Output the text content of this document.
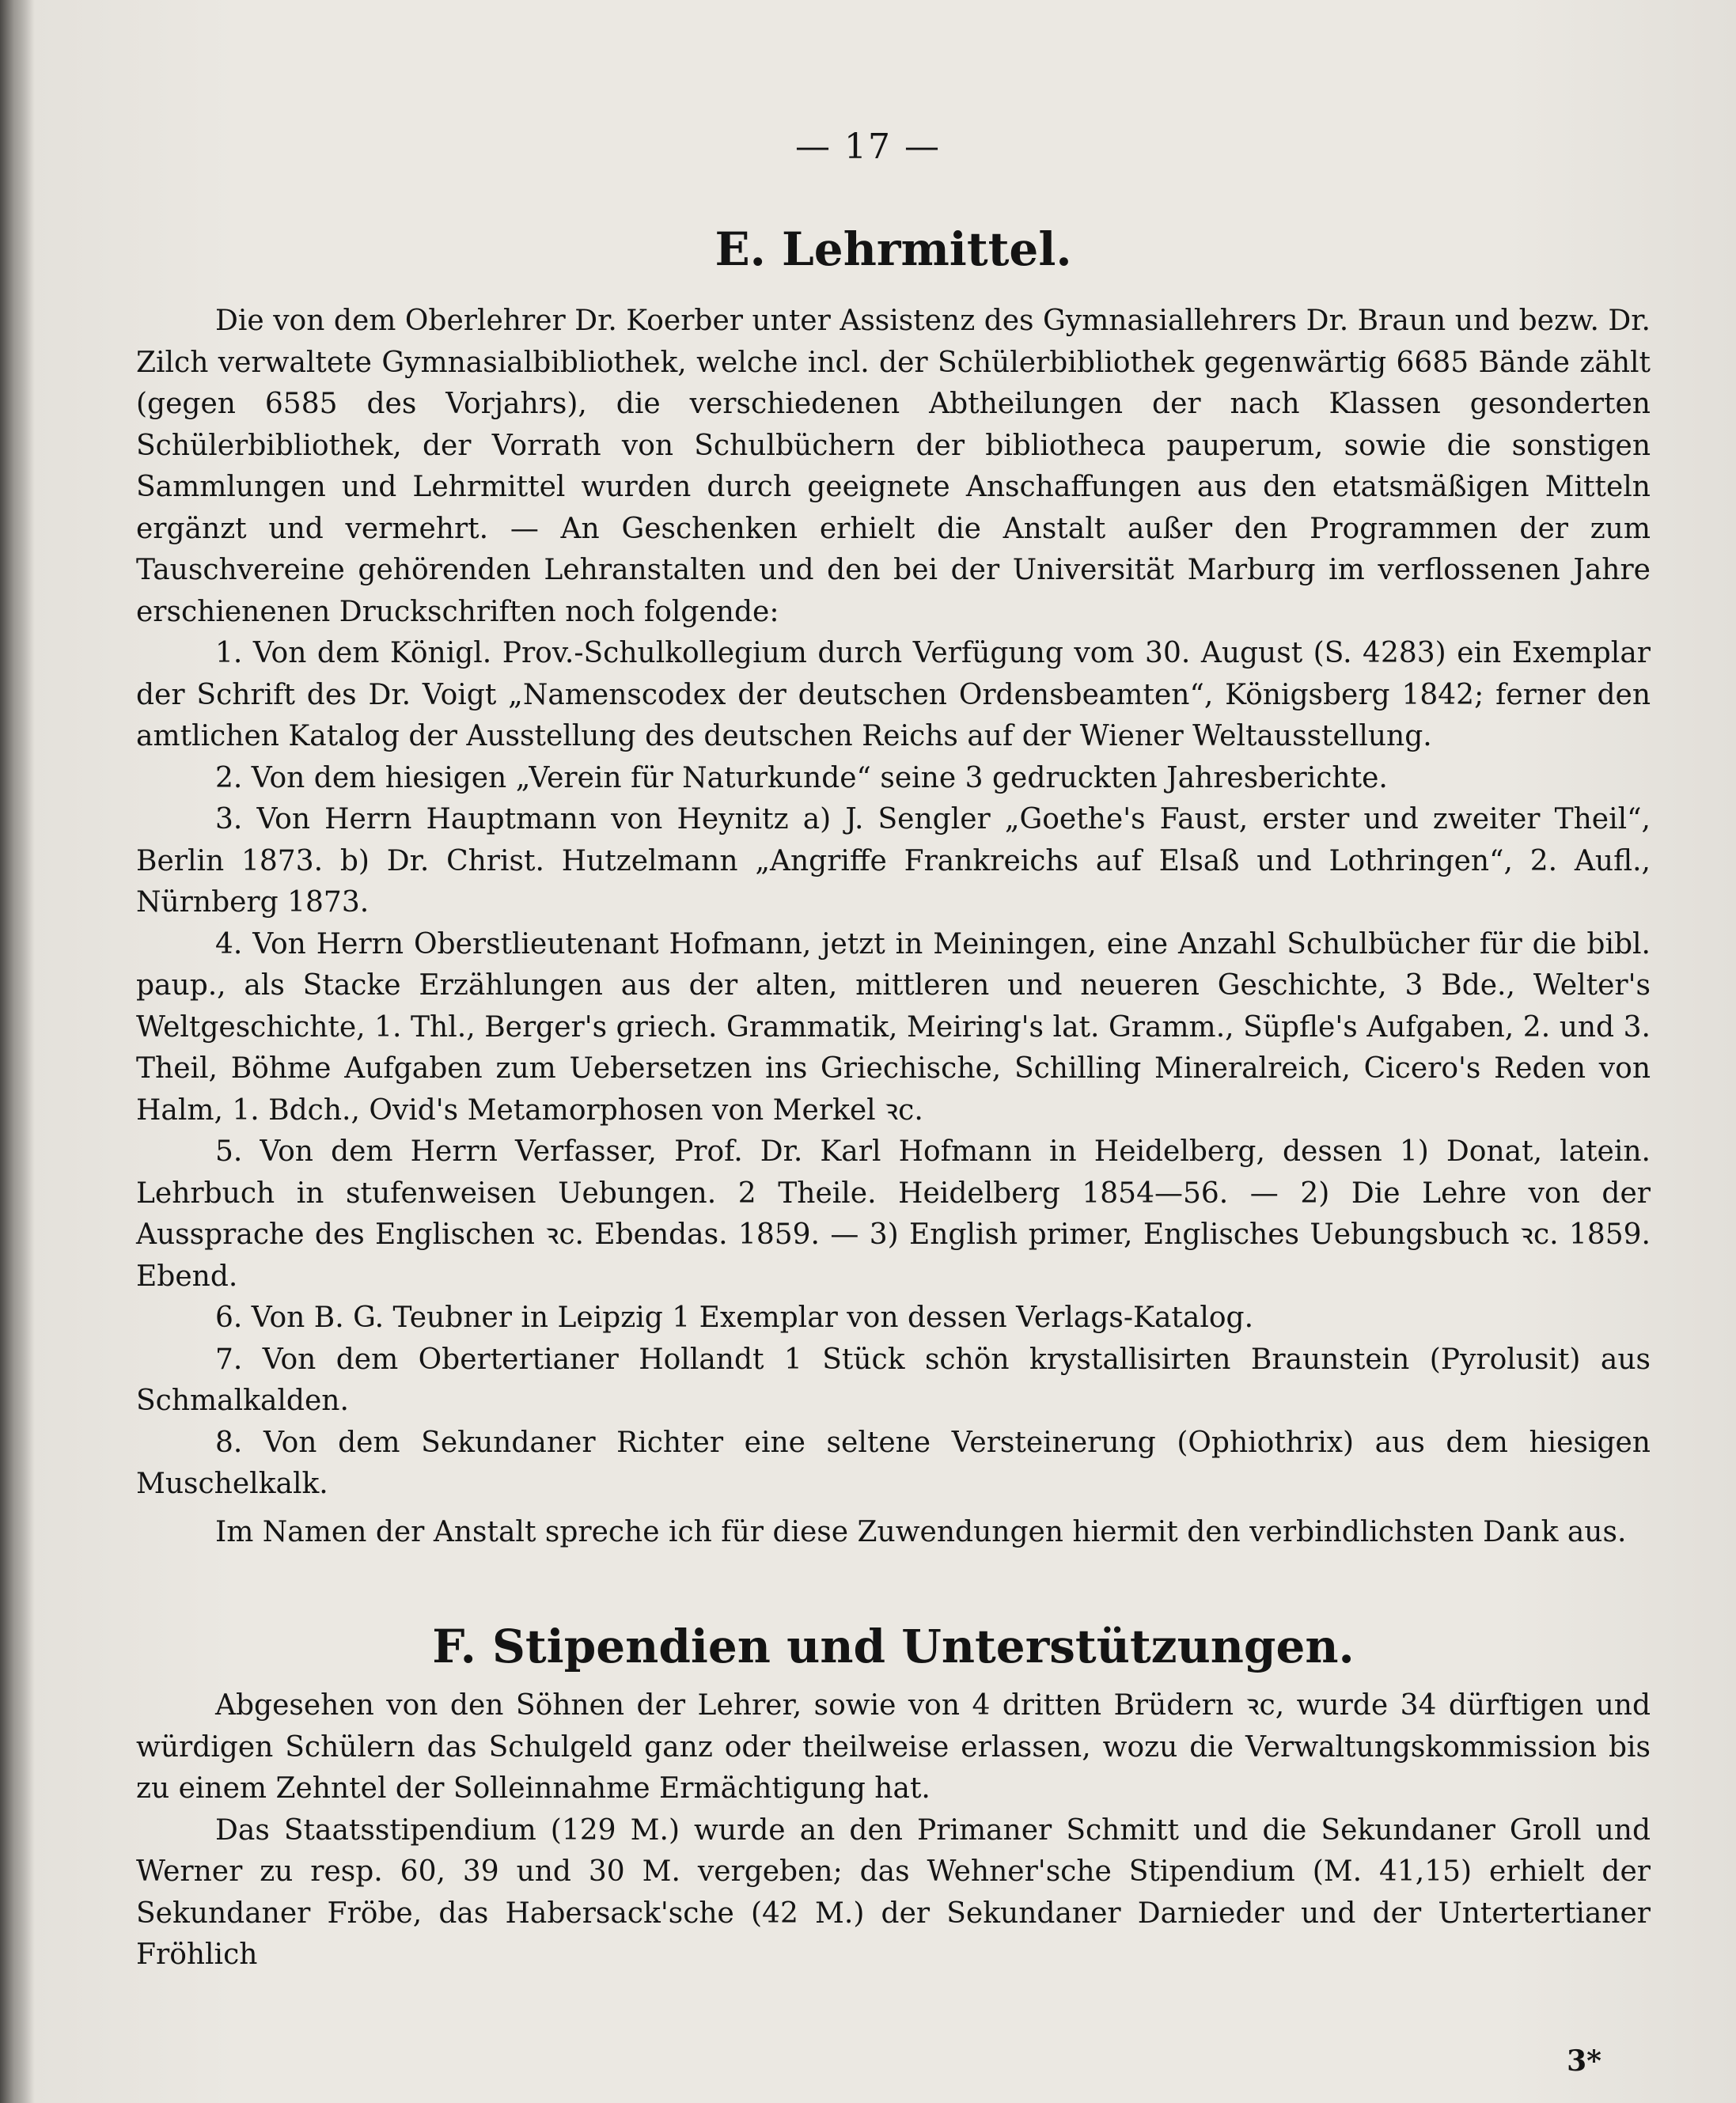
— 17 —
E. Lehrmittel.

Die von dem Oberlehrer Dr. Koerber unter Assistenz des Gymnasiallehrers Dr. Braun und bezw. Dr. Zilch verwaltete Gymnasialbibliothek, welche incl. der Schülerbibliothek gegenwärtig 6685 Bände zählt (gegen 6585 des Vorjahrs), die verschiedenen Abtheilungen der nach Klassen gesonderten Schülerbibliothek, der Vorrath von Schulbüchern der bibliotheca pauperum, sowie die sonstigen Sammlungen und Lehrmittel wurden durch geeignete Anschaffungen aus den etatsmäßigen Mitteln ergänzt und vermehrt. — An Geschenken erhielt die Anstalt außer den Programmen der zum Tauschvereine gehörenden Lehranstalten und den bei der Universität Marburg im verflossenen Jahre erschienenen Druckschriften noch folgende:

1. Von dem Königl. Prov.-Schulkollegium durch Verfügung vom 30. August (S. 4283) ein Exemplar der Schrift des Dr. Voigt „Namenscodex der deutschen Ordensbeamten“, Königsberg 1842; ferner den amtlichen Katalog der Ausstellung des deutschen Reichs auf der Wiener Weltausstellung.

2. Von dem hiesigen „Verein für Naturkunde“ seine 3 gedruckten Jahresberichte.

3. Von Herrn Hauptmann von Heynitz a) J. Sengler „Goethe's Faust, erster und zweiter Theil“, Berlin 1873. b) Dr. Christ. Hutzelmann „Angriffe Frankreichs auf Elsaß und Lothringen“, 2. Aufl., Nürnberg 1873.

4. Von Herrn Oberstlieutenant Hofmann, jetzt in Meiningen, eine Anzahl Schulbücher für die bibl. paup., als Stacke Erzählungen aus der alten, mittleren und neueren Geschichte, 3 Bde., Welter's Weltgeschichte, 1. Thl., Berger's griech. Grammatik, Meiring's lat. Gramm., Süpfle's Aufgaben, 2. und 3. Theil, Böhme Aufgaben zum Uebersetzen ins Griechische, Schilling Mineralreich, Cicero's Reden von Halm, 1. Bdch., Ovid's Metamorphosen von Merkel ꝛc.

5. Von dem Herrn Verfasser, Prof. Dr. Karl Hofmann in Heidelberg, dessen 1) Donat, latein. Lehrbuch in stufenweisen Uebungen. 2 Theile. Heidelberg 1854—56. — 2) Die Lehre von der Aussprache des Englischen ꝛc. Ebendas. 1859. — 3) English primer, Englisches Uebungsbuch ꝛc. 1859. Ebend.

6. Von B. G. Teubner in Leipzig 1 Exemplar von dessen Verlags-Katalog.

7. Von dem Obertertianer Hollandt 1 Stück schön krystallisirten Braunstein (Pyrolusit) aus Schmalkalden.

8. Von dem Sekundaner Richter eine seltene Versteinerung (Ophiothrix) aus dem hiesigen Muschelkalk.

Im Namen der Anstalt spreche ich für diese Zuwendungen hiermit den verbindlichsten Dank aus.

F. Stipendien und Unterstützungen.

Abgesehen von den Söhnen der Lehrer, sowie von 4 dritten Brüdern ꝛc, wurde 34 dürftigen und würdigen Schülern das Schulgeld ganz oder theilweise erlassen, wozu die Verwaltungskommission bis zu einem Zehntel der Solleinnahme Ermächtigung hat.

Das Staatsstipendium (129 M.) wurde an den Primaner Schmitt und die Sekundaner Groll und Werner zu resp. 60, 39 und 30 M. vergeben; das Wehner'sche Stipendium (M. 41,15) erhielt der Sekundaner Fröbe, das Habersack'sche (42 M.) der Sekundaner Darnieder und der Untertertianer Fröhlich

3*
